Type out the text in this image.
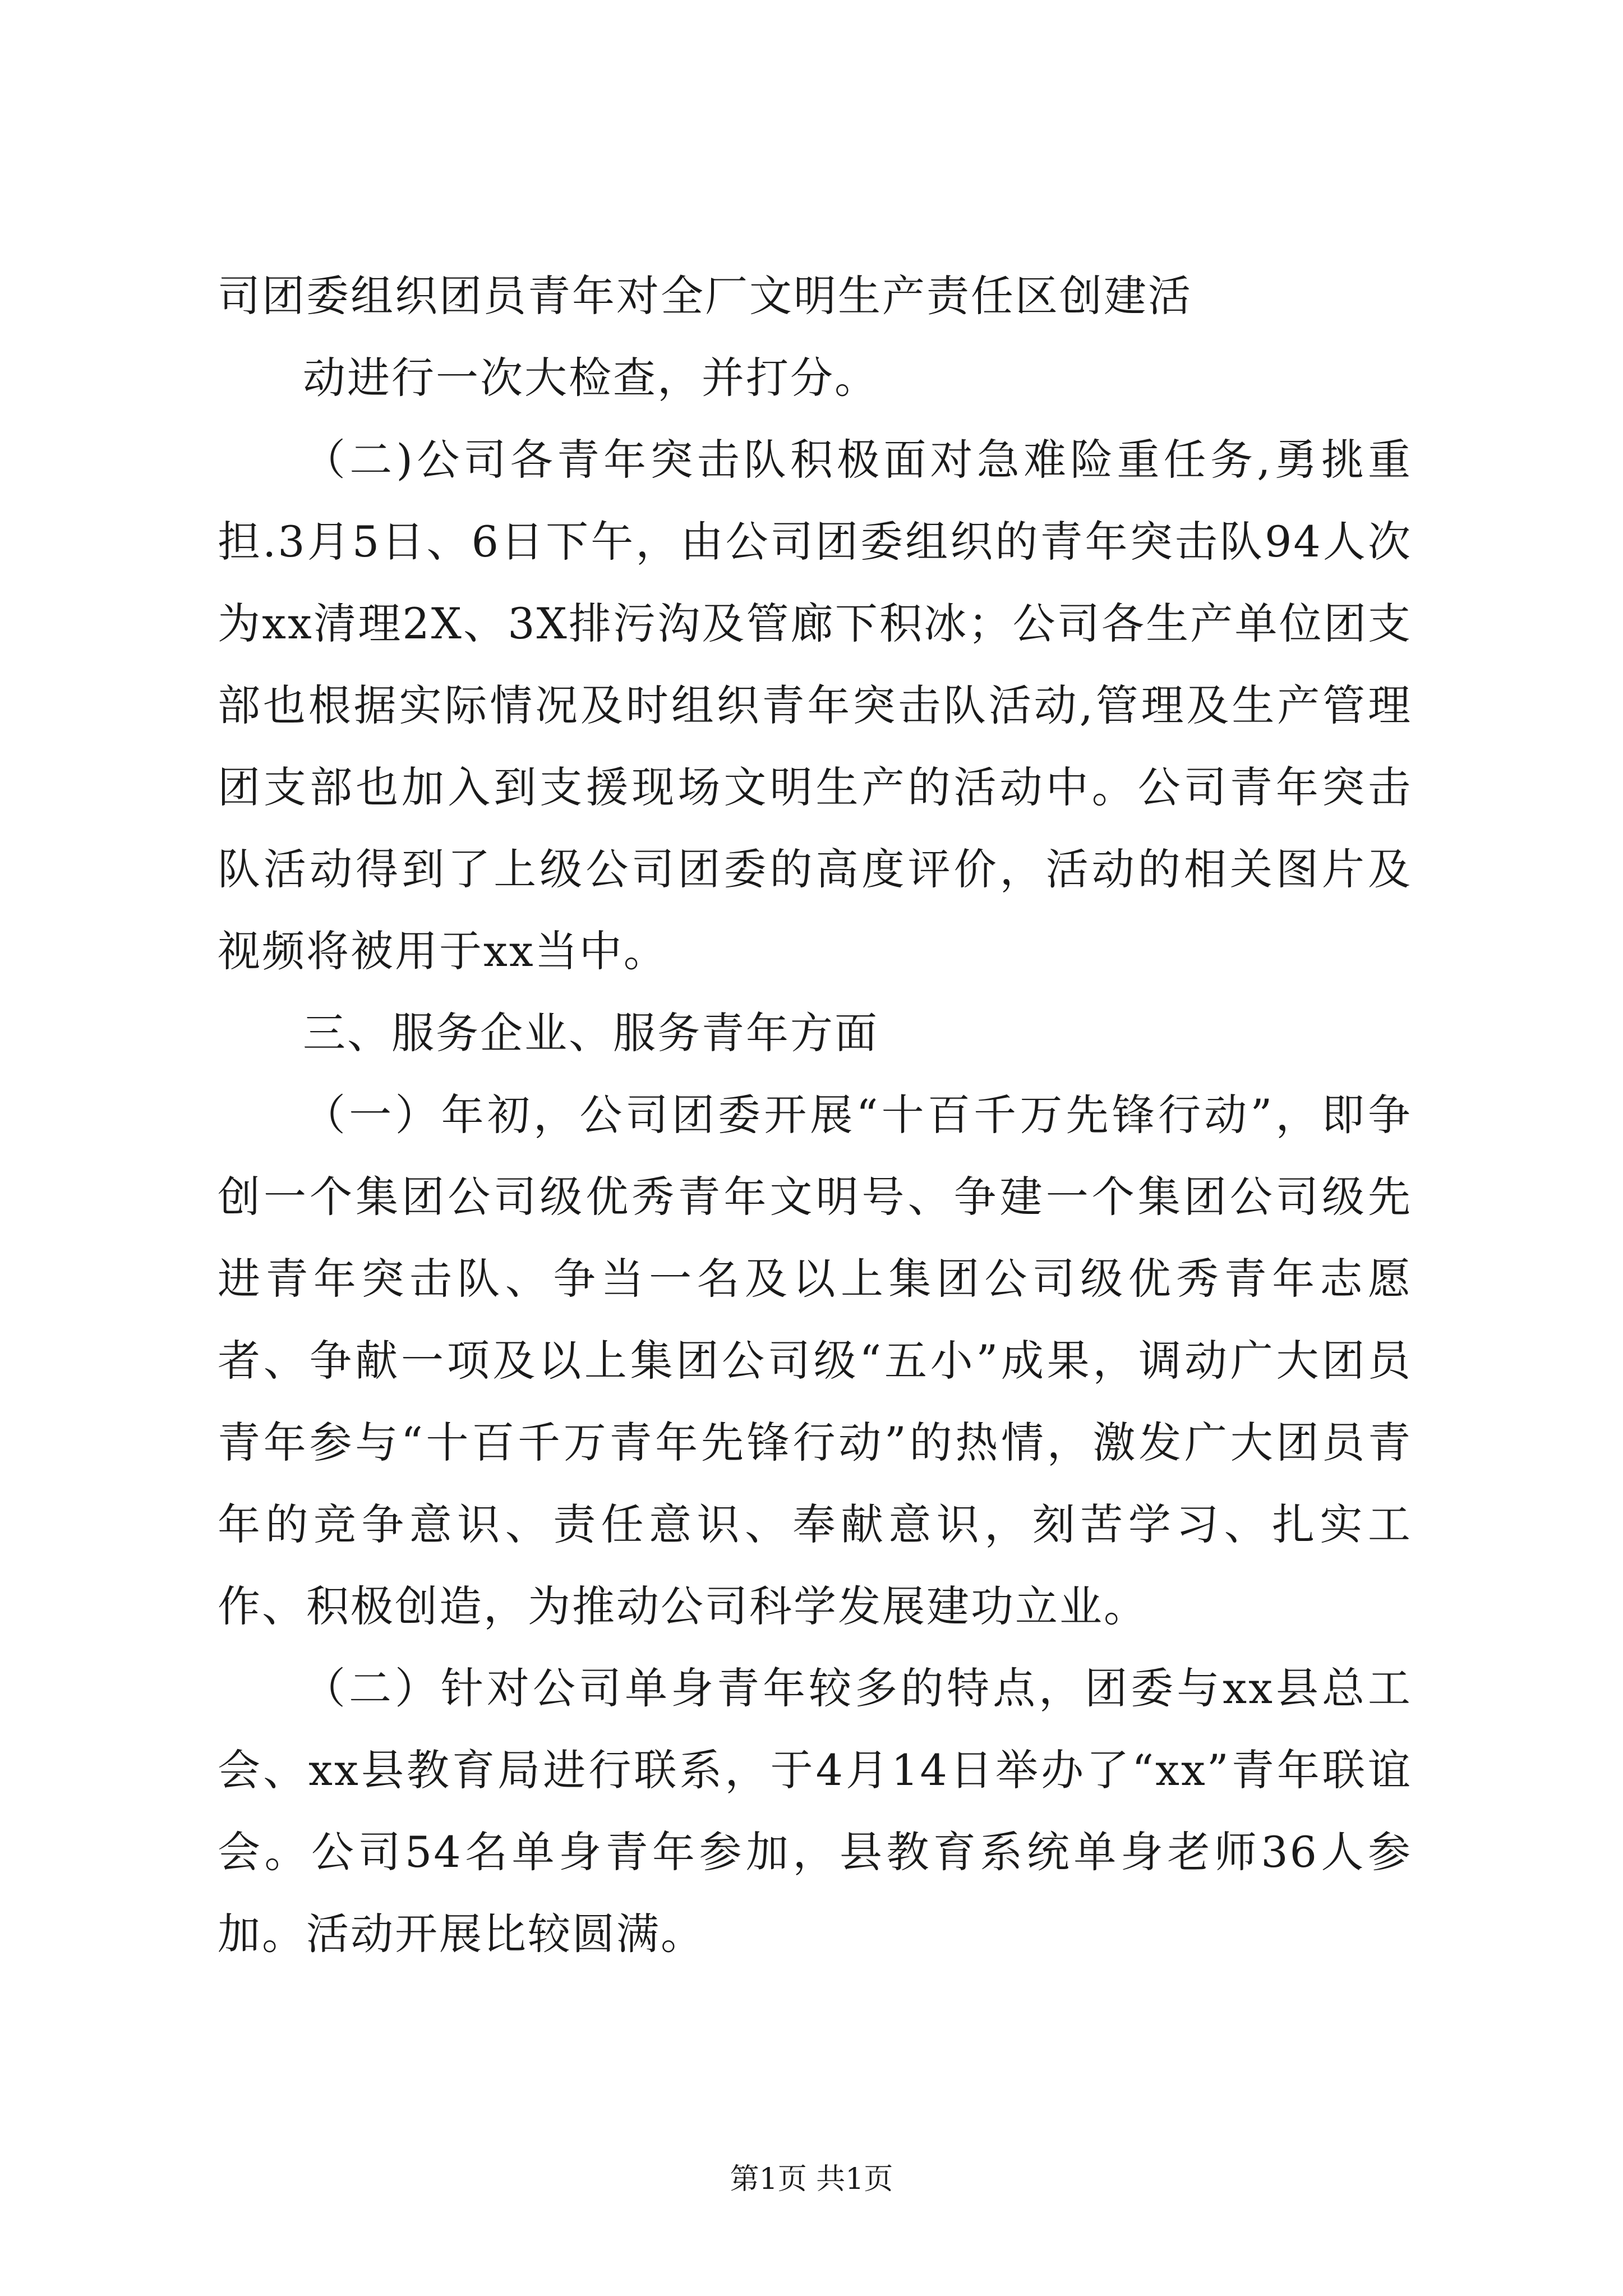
司团委组织团员青年对全厂文明生产责任区创建活

动进行一次大检查，并打分。

（二)公司各青年突击队积极面对急难险重任务,勇挑重担.3月5日、6日下午，由公司团委组织的青年突击队94人次为xx清理2X、3X排污沟及管廊下积冰；公司各生产单位团支部也根据实际情况及时组织青年突击队活动,管理及生产管理团支部也加入到支援现场文明生产的活动中。公司青年突击队活动得到了上级公司团委的高度评价，活动的相关图片及视频将被用于xx当中。

三、服务企业、服务青年方面

（一）年初，公司团委开展“十百千万先锋行动”，即争创一个集团公司级优秀青年文明号、争建一个集团公司级先进青年突击队、争当一名及以上集团公司级优秀青年志愿者、争献一项及以上集团公司级“五小”成果，调动广大团员青年参与“十百千万青年先锋行动”的热情，激发广大团员青年的竞争意识、责任意识、奉献意识，刻苦学习、扎实工作、积极创造，为推动公司科学发展建功立业。

（二）针对公司单身青年较多的特点，团委与xx县总工会、xx县教育局进行联系，于4月14日举办了“xx”青年联谊会。公司54名单身青年参加，县教育系统单身老师36人参加。活动开展比较圆满。

第1页 共1页
